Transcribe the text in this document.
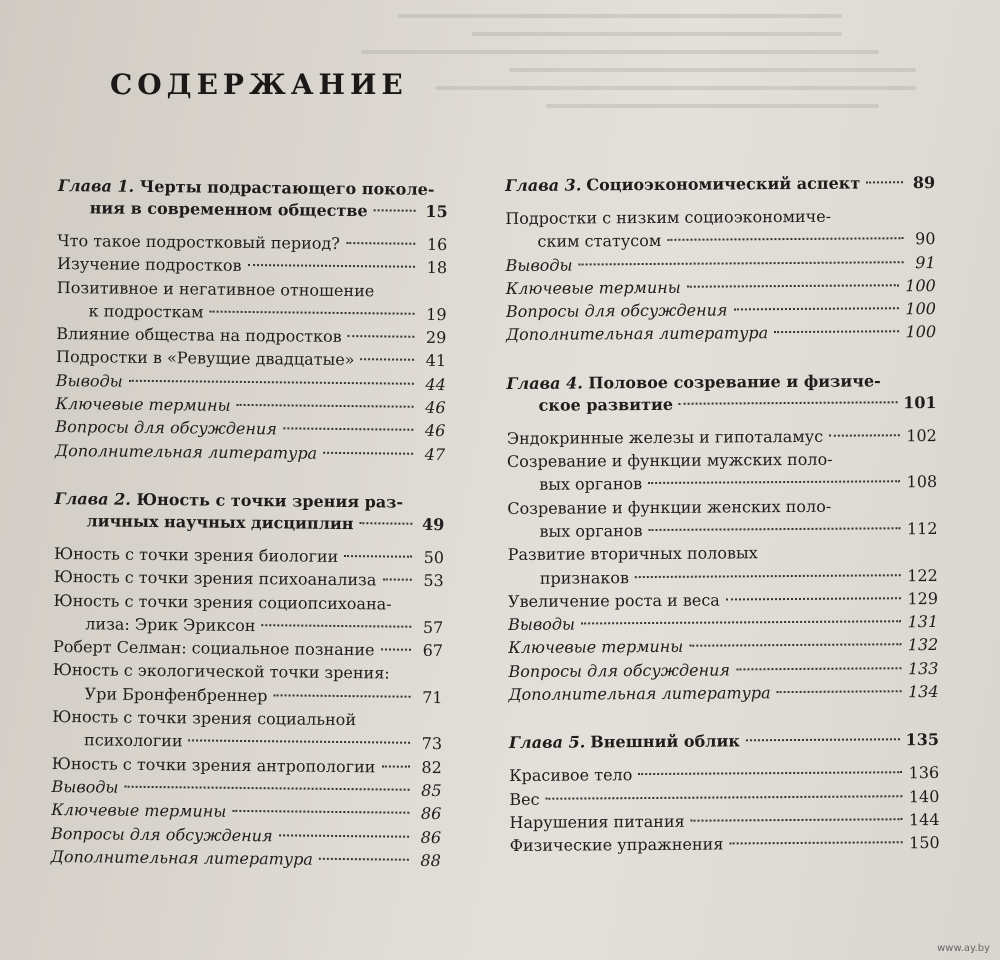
СОДЕРЖАНИЕ
Глава 1. Черты подрастающего поколе-
ния в современном обществе	15
Что такое подростковый период?	16
Изучение подростков	18
Позитивное и негативное отношение
к подросткам	19
Влияние общества на подростков	29
Подростки в «Ревущие двадцатые»	41
Выводы	44
Ключевые термины	46
Вопросы для обсуждения	46
Дополнительная литература	47
Глава 2. Юность с точки зрения раз-
личных научных дисциплин	49
Юность с точки зрения биологии	50
Юность с точки зрения психоанализа	53
Юность с точки зрения социопсихоана-
лиза: Эрик Эриксон	57
Роберт Селман: социальное познание	67
Юность с экологической точки зрения:
Ури Бронфенбреннер	71
Юность с точки зрения социальной
психологии	73
Юность с точки зрения антропологии	82
Выводы	85
Ключевые термины	86
Вопросы для обсуждения	86
Дополнительная литература	88
Глава 3. Социоэкономический аспект	89
Подростки с низким социоэкономиче-
ским статусом	90
Выводы	91
Ключевые термины	100
Вопросы для обсуждения	100
Дополнительная литература	100
Глава 4. Половое созревание и физиче-
ское развитие	101
Эндокринные железы и гипоталамус	102
Созревание и функции мужских поло-
вых органов	108
Созревание и функции женских поло-
вых органов	112
Развитие вторичных половых
признаков	122
Увеличение роста и веса	129
Выводы	131
Ключевые термины	132
Вопросы для обсуждения	133
Дополнительная литература	134
Глава 5. Внешний облик	135
Красивое тело	136
Вес	140
Нарушения питания	144
Физические упражнения	150
www.ay.by
